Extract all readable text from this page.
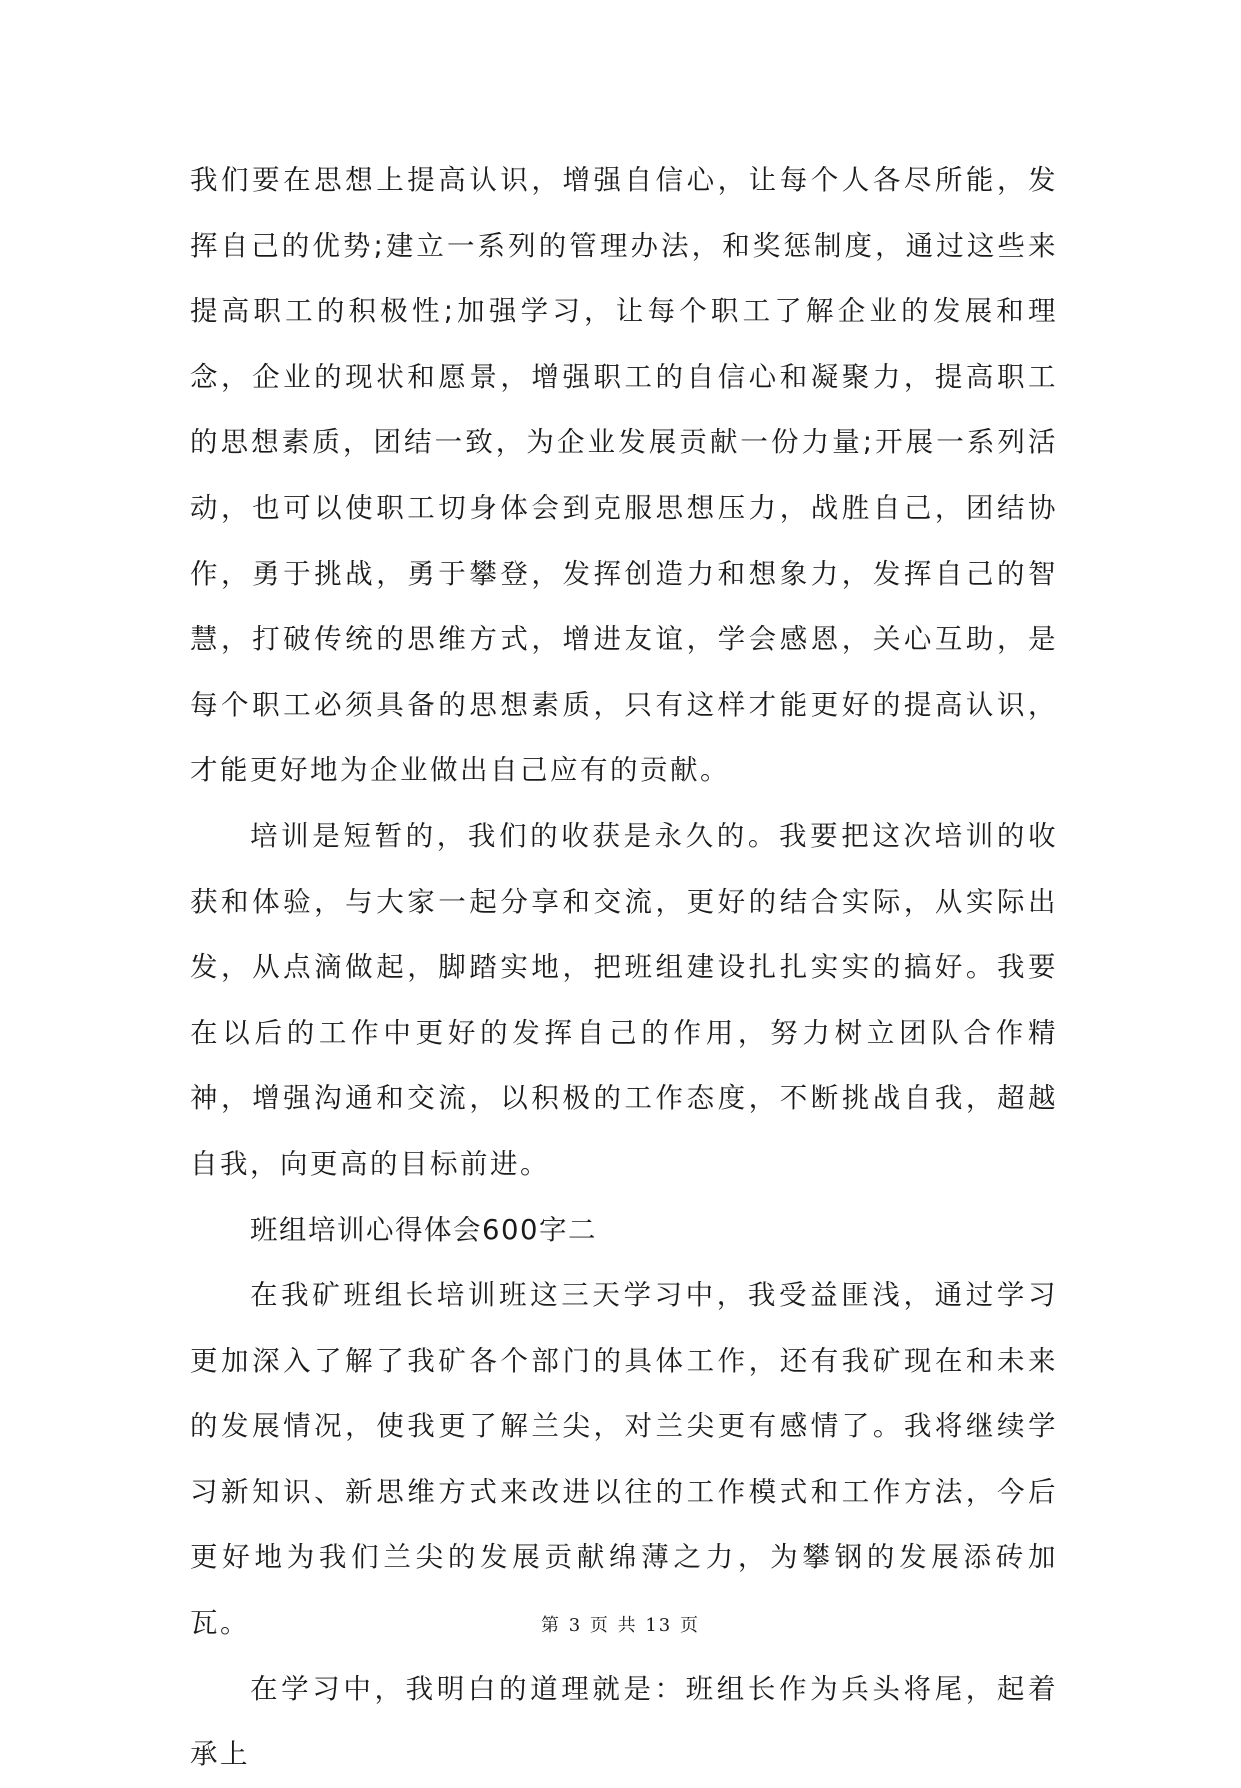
我们要在思想上提高认识，增强自信心，让每个人各尽所能，发挥自己的优势;建立一系列的管理办法，和奖惩制度，通过这些来提高职工的积极性;加强学习，让每个职工了解企业的发展和理念，企业的现状和愿景，增强职工的自信心和凝聚力，提高职工的思想素质，团结一致，为企业发展贡献一份力量;开展一系列活动，也可以使职工切身体会到克服思想压力，战胜自己，团结协作，勇于挑战，勇于攀登，发挥创造力和想象力，发挥自己的智慧，打破传统的思维方式，增进友谊，学会感恩，关心互助，是每个职工必须具备的思想素质，只有这样才能更好的提高认识，才能更好地为企业做出自己应有的贡献。

培训是短暂的，我们的收获是永久的。我要把这次培训的收获和体验，与大家一起分享和交流，更好的结合实际，从实际出发，从点滴做起，脚踏实地，把班组建设扎扎实实的搞好。我要在以后的工作中更好的发挥自己的作用，努力树立团队合作精神，增强沟通和交流，以积极的工作态度，不断挑战自我，超越自我，向更高的目标前进。

班组培训心得体会600字二

在我矿班组长培训班这三天学习中，我受益匪浅，通过学习更加深入了解了我矿各个部门的具体工作，还有我矿现在和未来的发展情况，使我更了解兰尖，对兰尖更有感情了。我将继续学习新知识、新思维方式来改进以往的工作模式和工作方法，今后更好地为我们兰尖的发展贡献绵薄之力，为攀钢的发展添砖加瓦。

在学习中，我明白的道理就是：班组长作为兵头将尾，起着承上

第 3 页 共 13 页
